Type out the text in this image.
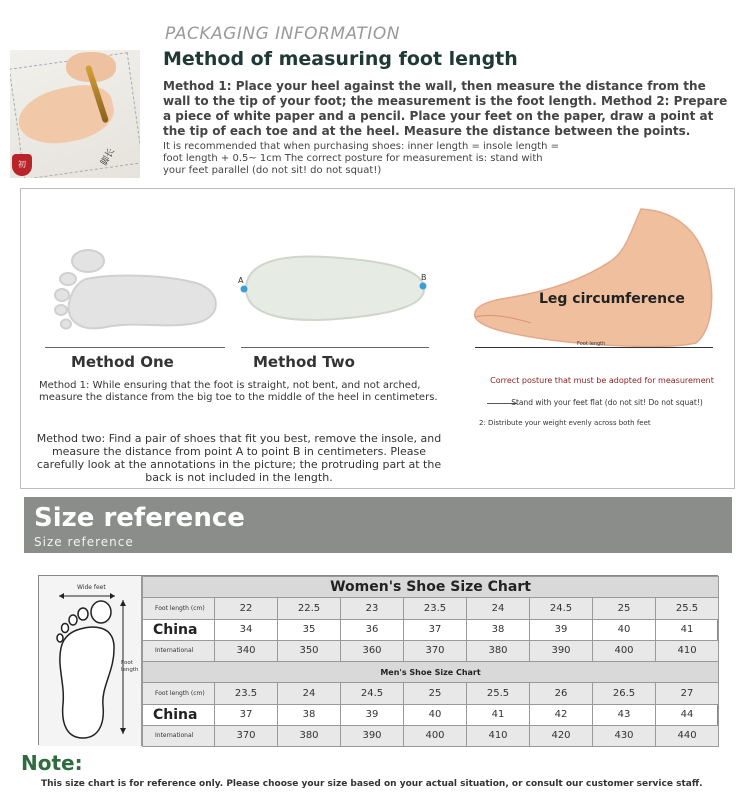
脚长
初
PACKAGING INFORMATION
Method of measuring foot length
Method 1: Place your heel against the wall, then measure the distance from the wall to the tip of your foot; the measurement is the foot length. Method 2: Prepare a piece of white paper and a pencil. Place your feet on the paper, draw a point at the tip of each toe and at the heel. Measure the distance between the points.
It is recommended that when purchasing shoes: inner length = insole length =
foot length + 0.5~ 1cm The correct posture for measurement is: stand with
your feet parallel (do not sit! do not squat!)
Method One
A	B
Method Two
Leg circumference
Foot length
Method 1: While ensuring that the foot is straight, not bent, and not arched, measure the distance from the big toe to the middle of the heel in centimeters.
Method two: Find a pair of shoes that fit you best, remove the insole, and measure the distance from point A to point B in centimeters. Please carefully look at the annotations in the picture; the protruding part at the back is not included in the length.
Correct posture that must be adopted for measurement
Stand with your feet flat (do not sit! Do not squat!)
2: Distribute your weight evenly across both feet
Size reference
Size reference
Wide feet
Foot length
Women's Shoe Size Chart								
Foot length (cm)	22	22.5	23	23.5	24	24.5	25	25.5
China	34	35	36	37	38	39	40	41
International	340	350	360	370	380	390	400	410
Men's Shoe Size Chart								
Foot length (cm)	23.5	24	24.5	25	25.5	26	26.5	27
China	37	38	39	40	41	42	43	44
International	370	380	390	400	410	420	430	440
Note:
This size chart is for reference only. Please choose your size based on your actual situation, or consult our customer service staff.
